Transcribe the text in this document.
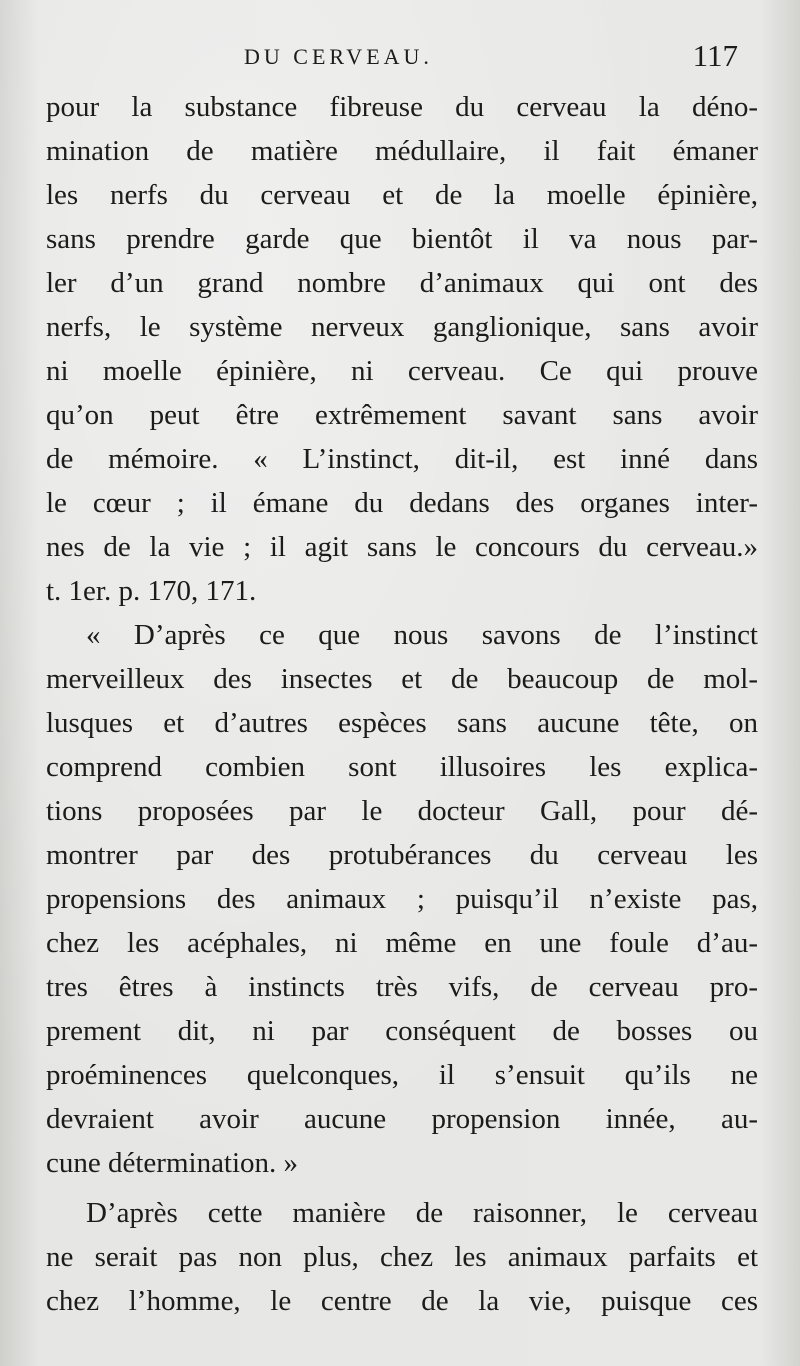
DU CERVEAU.	117
pour la substance fibreuse du cerveau la déno-
mination de matière médullaire, il fait émaner
les nerfs du cerveau et de la moelle épinière,
sans prendre garde que bientôt il va nous par-
ler d’un grand nombre d’animaux qui ont des
nerfs, le système nerveux ganglionique, sans avoir
ni moelle épinière, ni cerveau. Ce qui prouve
qu’on peut être extrêmement savant sans avoir
de mémoire. « L’instinct, dit-il, est inné dans
le cœur ; il émane du dedans des organes inter-
nes de la vie ; il agit sans le concours du cerveau.»
t. 1er. p. 170, 171.
« D’après ce que nous savons de l’instinct
merveilleux des insectes et de beaucoup de mol-
lusques et d’autres espèces sans aucune tête, on
comprend combien sont illusoires les explica-
tions proposées par le docteur Gall, pour dé-
montrer par des protubérances du cerveau les
propensions des animaux ; puisqu’il n’existe pas,
chez les acéphales, ni même en une foule d’au-
tres êtres à instincts très vifs, de cerveau pro-
prement dit, ni par conséquent de bosses ou
proéminences quelconques, il s’ensuit qu’ils ne
devraient avoir aucune propension innée, au-
cune détermination. »
D’après cette manière de raisonner, le cerveau
ne serait pas non plus, chez les animaux parfaits et
chez l’homme, le centre de la vie, puisque ces
